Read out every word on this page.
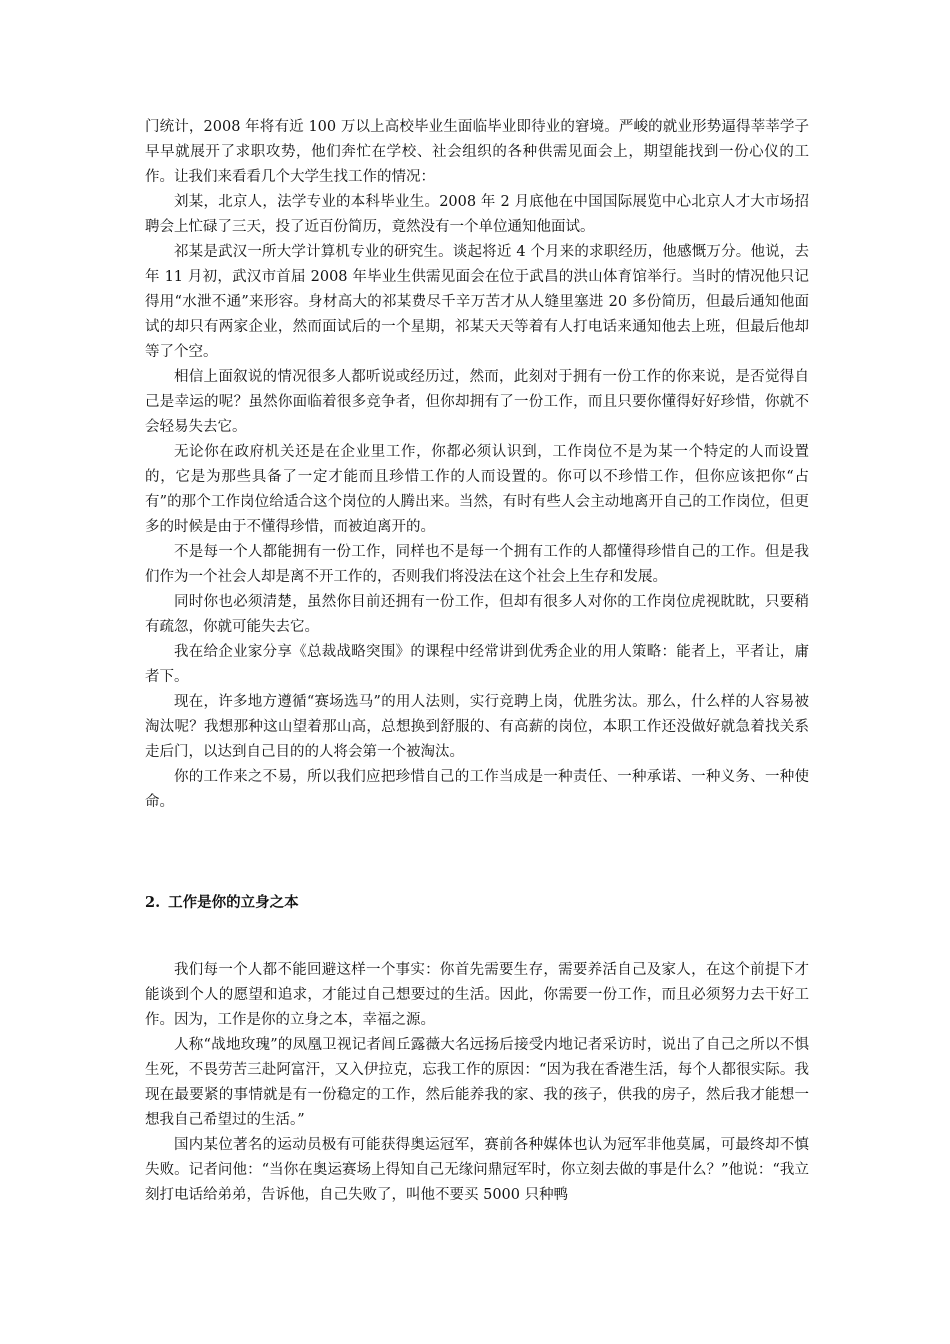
门统计，2008 年将有近 100 万以上高校毕业生面临毕业即待业的窘境。严峻的就业形势逼得莘莘学子早早就展开了求职攻势，他们奔忙在学校、社会组织的各种供需见面会上，期望能找到一份心仪的工作。让我们来看看几个大学生找工作的情况：

刘某，北京人，法学专业的本科毕业生。2008 年 2 月底他在中国国际展览中心北京人才大市场招聘会上忙碌了三天，投了近百份简历，竟然没有一个单位通知他面试。

祁某是武汉一所大学计算机专业的研究生。谈起将近 4 个月来的求职经历，他感慨万分。他说，去年 11 月初，武汉市首届 2008 年毕业生供需见面会在位于武昌的洪山体育馆举行。当时的情况他只记得用“水泄不通”来形容。身材高大的祁某费尽千辛万苦才从人缝里塞进 20 多份简历，但最后通知他面试的却只有两家企业，然而面试后的一个星期，祁某天天等着有人打电话来通知他去上班，但最后他却等了个空。

相信上面叙说的情况很多人都听说或经历过，然而，此刻对于拥有一份工作的你来说，是否觉得自己是幸运的呢？虽然你面临着很多竞争者，但你却拥有了一份工作，而且只要你懂得好好珍惜，你就不会轻易失去它。

无论你在政府机关还是在企业里工作，你都必须认识到，工作岗位不是为某一个特定的人而设置的，它是为那些具备了一定才能而且珍惜工作的人而设置的。你可以不珍惜工作，但你应该把你“占有”的那个工作岗位给适合这个岗位的人腾出来。当然，有时有些人会主动地离开自己的工作岗位，但更多的时候是由于不懂得珍惜，而被迫离开的。

不是每一个人都能拥有一份工作，同样也不是每一个拥有工作的人都懂得珍惜自己的工作。但是我们作为一个社会人却是离不开工作的，否则我们将没法在这个社会上生存和发展。

同时你也必须清楚，虽然你目前还拥有一份工作，但却有很多人对你的工作岗位虎视眈眈，只要稍有疏忽，你就可能失去它。

我在给企业家分享《总裁战略突围》的课程中经常讲到优秀企业的用人策略：能者上，平者让，庸者下。

现在，许多地方遵循“赛场选马”的用人法则，实行竞聘上岗，优胜劣汰。那么，什么样的人容易被淘汰呢？我想那种这山望着那山高，总想换到舒服的、有高薪的岗位，本职工作还没做好就急着找关系走后门，以达到自己目的的人将会第一个被淘汰。

你的工作来之不易，所以我们应把珍惜自己的工作当成是一种责任、一种承诺、一种义务、一种使命。

2. 工作是你的立身之本

我们每一个人都不能回避这样一个事实：你首先需要生存，需要养活自己及家人，在这个前提下才能谈到个人的愿望和追求，才能过自己想要过的生活。因此，你需要一份工作，而且必须努力去干好工作。因为，工作是你的立身之本，幸福之源。

人称“战地玫瑰”的凤凰卫视记者闾丘露薇大名远扬后接受内地记者采访时，说出了自己之所以不惧生死，不畏劳苦三赴阿富汗，又入伊拉克，忘我工作的原因：“因为我在香港生活，每个人都很实际。我现在最要紧的事情就是有一份稳定的工作，然后能养我的家、我的孩子，供我的房子，然后我才能想一想我自己希望过的生活。”

国内某位著名的运动员极有可能获得奥运冠军，赛前各种媒体也认为冠军非他莫属，可最终却不慎失败。记者问他：“当你在奥运赛场上得知自己无缘问鼎冠军时，你立刻去做的事是什么？”他说：“我立刻打电话给弟弟，告诉他，自己失败了，叫他不要买 5000 只种鸭
